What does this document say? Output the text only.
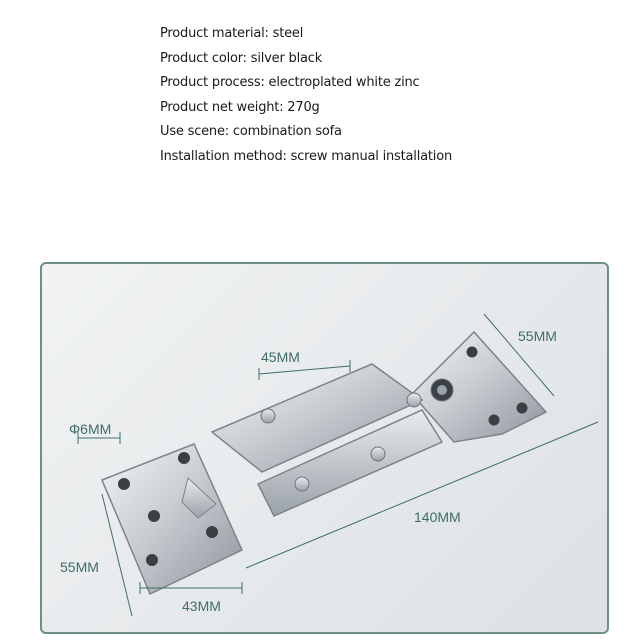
Product material: steel
Product color: silver black
Product process: electroplated white zinc
Product net weight: 270g
Use scene: combination sofa
Installation method: screw manual installation
45MM
55MM
Φ6MM
140MM
55MM
43MM
